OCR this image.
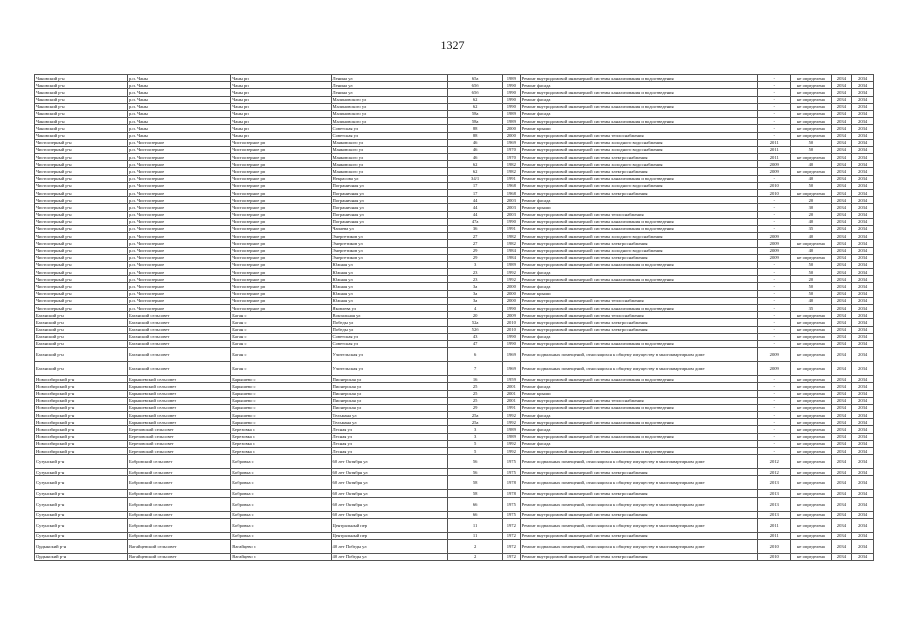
1327
Чановский р-н	р.п. Чаны	Чаны рп	Ленина ул	65а	1989	Ремонт внутридомовой инженерной системы канализования и водоотведения	-	не определена	2034	2034
Чановский р-н	р.п. Чаны	Чаны рп	Ленина ул	65б	1990	Ремонт фасада	-	не определена	2034	2034
Чановский р-н	р.п. Чаны	Чаны рп	Ленина ул	65б	1990	Ремонт внутридомовой инженерной системы канализования и водоотведения	-	не определена	2034	2034
Чановский р-н	р.п. Чаны	Чаны рп	Малиновского ул	62	1990	Ремонт фасада	-	не определена	2034	2034
Чановский р-н	р.п. Чаны	Чаны рп	Малиновского ул	62	1990	Ремонт внутридомовой инженерной системы канализования и водоотведения	-	не определена	2034	2034
Чановский р-н	р.п. Чаны	Чаны рп	Малиновского ул	58а	1989	Ремонт фасада	-	не определена	2034	2034
Чановский р-н	р.п. Чаны	Чаны рп	Малиновского ул	58а	1989	Ремонт внутридомовой инженерной системы канализования и водоотведения	-	не определена	2034	2034
Чановский р-н	р.п. Чаны	Чаны рп	Советская ул	88	2000	Ремонт крыши	-	не определена	2034	2034
Чановский р-н	р.п. Чаны	Чаны рп	Советская ул	88	2000	Ремонт внутридомовой инженерной системы теплоснабжения	-	не определена	2034	2034
Чистоозерный р-н	р.п. Чистоозерное	Чистоозерное рп	Маяковского ул	46	1969	Ремонт внутридомовой инженерной системы холодного водоснабжения	2011	50	2034	2034
Чистоозерный р-н	р.п. Чистоозерное	Чистоозерное рп	Маяковского ул	46	1970	Ремонт внутридомовой инженерной системы холодного водоснабжения	2011	50	2034	2034
Чистоозерный р-н	р.п. Чистоозерное	Чистоозерное рп	Маяковского ул	46	1970	Ремонт внутридомовой инженерной системы электроснабжения	2011	не определена	2034	2034
Чистоозерный р-н	р.п. Чистоозерное	Чистоозерное рп	Маяковского ул	62	1982	Ремонт внутридомовой инженерной системы холодного водоснабжения	2009	40	2034	2034
Чистоозерный р-н	р.п. Чистоозерное	Чистоозерное рп	Маяковского ул	62	1982	Ремонт внутридомовой инженерной системы электроснабжения	2009	не определена	2034	2034
Чистоозерный р-н	р.п. Чистоозерное	Чистоозерное рп	Некрасова ул	34/1	1991	Ремонт внутридомовой инженерной системы канализования и водоотведения	-	40	2034	2034
Чистоозерный р-н	р.п. Чистоозерное	Чистоозерное рп	Пограничная ул	17	1968	Ремонт внутридомовой инженерной системы холодного водоснабжения	2010	50	2034	2034
Чистоозерный р-н	р.п. Чистоозерное	Чистоозерное рп	Пограничная ул	17	1968	Ремонт внутридомовой инженерной системы электроснабжения	2010	не определена	2034	2034
Чистоозерный р-н	р.п. Чистоозерное	Чистоозерное рп	Пограничная ул	44	2003	Ремонт фасада	-	20	2034	2034
Чистоозерный р-н	р.п. Чистоозерное	Чистоозерное рп	Пограничная ул	44	2003	Ремонт крыши	-	30	2034	2034
Чистоозерный р-н	р.п. Чистоозерное	Чистоозерное рп	Пограничная ул	44	2003	Ремонт внутридомовой инженерной системы теплоснабжения	-	20	2034	2034
Чистоозерный р-н	р.п. Чистоозерное	Чистоозерное рп	Пограничная ул	47а	1990	Ремонт внутридомовой инженерной системы канализования и водоотведения	-	40	2034	2034
Чистоозерный р-н	р.п. Чистоозерное	Чистоозерное рп	Чапаева ул	36	1991	Ремонт внутридомовой инженерной системы канализования и водоотведения	-	35	2034	2034
Чистоозерный р-н	р.п. Чистоозерное	Чистоозерное рп	Энергетиков ул	27	1982	Ремонт внутридомовой инженерной системы холодного водоснабжения	2009	40	2034	2034
Чистоозерный р-н	р.п. Чистоозерное	Чистоозерное рп	Энергетиков ул	27	1982	Ремонт внутридомовой инженерной системы электроснабжения	2009	не определена	2034	2034
Чистоозерный р-н	р.п. Чистоозерное	Чистоозерное рп	Энергетиков ул	29	1984	Ремонт внутридомовой инженерной системы холодного водоснабжения	2009	40	2034	2034
Чистоозерный р-н	р.п. Чистоозерное	Чистоозерное рп	Энергетиков ул	29	1984	Ремонт внутридомовой инженерной системы электроснабжения	2009	не определена	2034	2034
Чистоозерный р-н	р.п. Чистоозерное	Чистоозерное рп	Южная ул	3	1989	Ремонт внутридомовой инженерной системы канализования и водоотведения	-	50	2034	2034
Чистоозерный р-н	р.п. Чистоозерное	Чистоозерное рп	Южная ул	23	1992	Ремонт фасада	-	50	2034	2034
Чистоозерный р-н	р.п. Чистоозерное	Чистоозерное рп	Южная ул	23	1992	Ремонт внутридомовой инженерной системы канализования и водоотведения	-	20	2034	2034
Чистоозерный р-н	р.п. Чистоозерное	Чистоозерное рп	Южная ул	3а	2000	Ремонт фасада	-	50	2034	2034
Чистоозерный р-н	р.п. Чистоозерное	Чистоозерное рп	Южная ул	3а	2000	Ремонт крыши	-	50	2034	2034
Чистоозерный р-н	р.п. Чистоозерное	Чистоозерное рп	Южная ул	3а	2000	Ремонт внутридомовой инженерной системы теплоснабжения	-	40	2034	2034
Чистоозерный р-н	р.п. Чистоозерное	Чистоозерное рп	Яковлева ул	4	1990	Ремонт внутридомовой инженерной системы канализования и водоотведения	-	35	2034	2034
Баганский р-н	Баганский сельсовет	Баган с	Вокзальная ул	20	2009	Ремонт внутридомовой инженерной системы теплоснабжения	-	не определена	2034	2034
Баганский р-н	Баганский сельсовет	Баган с	Победы ул	52а	2010	Ремонт внутридомовой инженерной системы электроснабжения	-	не определена	2034	2034
Баганский р-н	Баганский сельсовет	Баган с	Победы ул	52б	2010	Ремонт внутридомовой инженерной системы электроснабжения	-	не определена	2034	2034
Баганский р-н	Баганский сельсовет	Баган с	Советская ул	43	1990	Ремонт фасада	-	не определена	2034	2034
Баганский р-н	Баганский сельсовет	Баган с	Советская ул	47	1990	Ремонт внутридомовой инженерной системы канализования и водоотведения	-	не определена	2034	2034
Баганский р-н	Баганский сельсовет	Баган с	Учительская ул	6	1969	Ремонт подвальных помещений, относящихся к общему имуществу в многоквартирном доме	2009	не определена	2034	2034
Баганский р-н	Баганский сельсовет	Баган с	Учительская ул	7	1969	Ремонт подвальных помещений, относящихся к общему имуществу в многоквартирном доме	2009	не определена	2034	2034
Новосибирский р-н	Барышевский сельсовет	Барышево с	Пионерская ул	16	1959	Ремонт внутридомовой инженерной системы канализования и водоотведения	-	не определена	2034	2034
Новосибирский р-н	Барышевский сельсовет	Барышево с	Пионерская ул	25	2001	Ремонт фасада	-	не определена	2034	2034
Новосибирский р-н	Барышевский сельсовет	Барышево с	Пионерская ул	25	2001	Ремонт крыши	-	не определена	2034	2034
Новосибирский р-н	Барышевский сельсовет	Барышево с	Пионерская ул	25	2001	Ремонт внутридомовой инженерной системы теплоснабжения	-	не определена	2034	2034
Новосибирский р-н	Барышевский сельсовет	Барышево с	Пионерская ул	29	1991	Ремонт внутридомовой инженерной системы канализования и водоотведения	-	не определена	2034	2034
Новосибирский р-н	Барышевский сельсовет	Барышево с	Тельмана ул	25а	1992	Ремонт фасада	-	не определена	2034	2034
Новосибирский р-н	Барышевский сельсовет	Барышево с	Тельмана ул	25а	1992	Ремонт внутридомовой инженерной системы канализования и водоотведения	-	не определена	2034	2034
Новосибирский р-н	Березовский сельсовет	Березовка с	Лесная ул	3	1989	Ремонт фасада	-	не определена	2034	2034
Новосибирский р-н	Березовский сельсовет	Березовка с	Лесная ул	3	1989	Ремонт внутридомовой инженерной системы канализования и водоотведения	-	не определена	2034	2034
Новосибирский р-н	Березовский сельсовет	Березовка с	Лесная ул	5	1992	Ремонт фасада	-	не определена	2034	2034
Новосибирский р-н	Березовский сельсовет	Березовка с	Лесная ул	5	1992	Ремонт внутридомовой инженерной системы канализования и водоотведения	-	не определена	2034	2034
Сузунский р-н	Бобровский сельсовет	Бобровка с	60 лет Октября ул	56	1975	Ремонт подвальных помещений, относящихся к общему имуществу в многоквартирном доме	2012	не определена	2034	2034
Сузунский р-н	Бобровский сельсовет	Бобровка с	60 лет Октября ул	56	1975	Ремонт внутридомовой инженерной системы электроснабжения	2012	не определена	2034	2034
Сузунский р-н	Бобровский сельсовет	Бобровка с	60 лет Октября ул	58	1978	Ремонт подвальных помещений, относящихся к общему имуществу в многоквартирном доме	2013	не определена	2034	2034
Сузунский р-н	Бобровский сельсовет	Бобровка с	60 лет Октября ул	58	1978	Ремонт внутридомовой инженерной системы электроснабжения	2013	не определена	2034	2034
Сузунский р-н	Бобровский сельсовет	Бобровка с	60 лет Октября ул	66	1975	Ремонт подвальных помещений, относящихся к общему имуществу в многоквартирном доме	2013	не определена	2034	2034
Сузунский р-н	Бобровский сельсовет	Бобровка с	60 лет Октября ул	66	1975	Ремонт внутридомовой инженерной системы электроснабжения	2013	не определена	2034	2034
Сузунский р-н	Бобровский сельсовет	Бобровка с	Центральный пер	11	1972	Ремонт подвальных помещений, относящихся к общему имуществу в многоквартирном доме	2011	не определена	2034	2034
Сузунский р-н	Бобровский сельсовет	Бобровка с	Центральный пер	11	1972	Ремонт внутридомовой инженерной системы электроснабжения	2011	не определена	2034	2034
Ордынский р-н	Вагайцевский сельсовет	Вагайцево с	40 лет Победы ул	2	1972	Ремонт подвальных помещений, относящихся к общему имуществу в многоквартирном доме	2010	не определена	2034	2034
Ордынский р-н	Вагайцевский сельсовет	Вагайцево с	40 лет Победы ул	2	1972	Ремонт внутридомовой инженерной системы электроснабжения	2010	не определена	2034	2034
